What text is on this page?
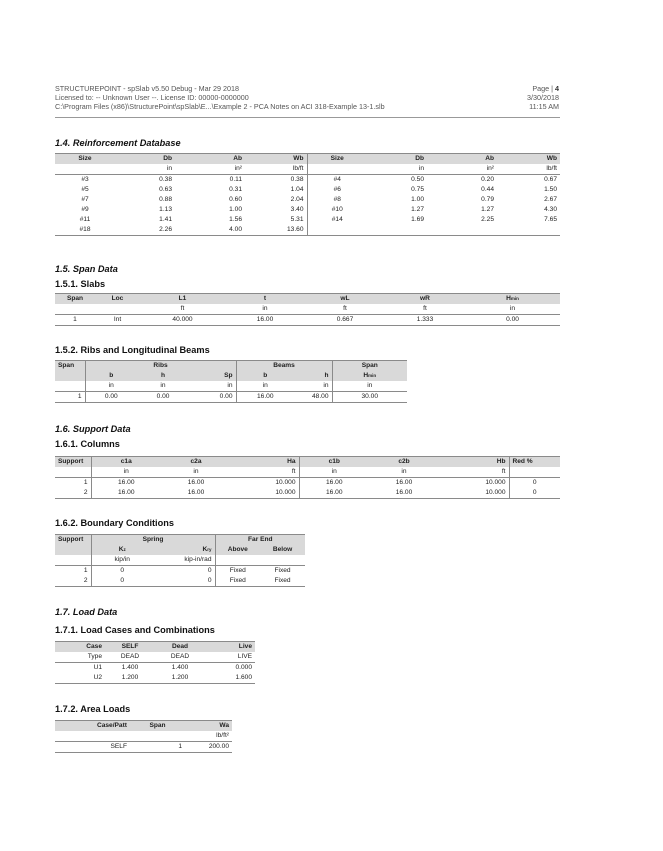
STRUCTUREPOINT - spSlab v5.50 Debug - Mar 29 2018	Page | 4
Licensed to: -- Unknown User --. License ID: 00000-0000000	3/30/2018
C:\Program Files (x86)\StructurePoint\spSlab\E...\Example 2 - PCA Notes on ACI 318-Example 13-1.slb	11:15 AM
1.4. Reinforcement Database
Size	Db	Ab	Wb	Size	Db	Ab	Wb
	in	in²	lb/ft		in	in²	lb/ft
#3	0.38	0.11	0.38	#4	0.50	0.20	0.67
#5	0.63	0.31	1.04	#6	0.75	0.44	1.50
#7	0.88	0.60	2.04	#8	1.00	0.79	2.67
#9	1.13	1.00	3.40	#10	1.27	1.27	4.30
#11	1.41	1.56	5.31	#14	1.69	2.25	7.65
#18	2.26	4.00	13.60				
1.5. Span Data
1.5.1. Slabs
Span	Loc	L1	t	wL	wR	Hmin
		ft	in	ft	ft	in
1	Int	40.000	16.00	0.667	1.333	0.00
1.5.2. Ribs and Longitudinal Beams
Span	Ribs			Beams		Span
	b	h	Sp	b	h	Hmin
	in	in	in	in	in	in
1	0.00	0.00	0.00	16.00	48.00	30.00
1.6. Support Data
1.6.1. Columns
Support	c1a	c2a	Ha	c1b	c2b	Hb	Red %
	in	in	ft	in	in	ft	
1	16.00	16.00	10.000	16.00	16.00	10.000	0
2	16.00	16.00	10.000	16.00	16.00	10.000	0
1.6.2. Boundary Conditions
Support	Spring		Far End	
	Kz	Kry	Above	Below
	kip/in	kip-in/rad		
1	0	0	Fixed	Fixed
2	0	0	Fixed	Fixed
1.7. Load Data
1.7.1. Load Cases and Combinations
Case	SELF	Dead	Live
Type	DEAD	DEAD	LIVE
U1	1.400	1.400	0.000
U2	1.200	1.200	1.600
1.7.2. Area Loads
Case/Patt	Span	Wa
		lb/ft²
SELF	1	200.00
